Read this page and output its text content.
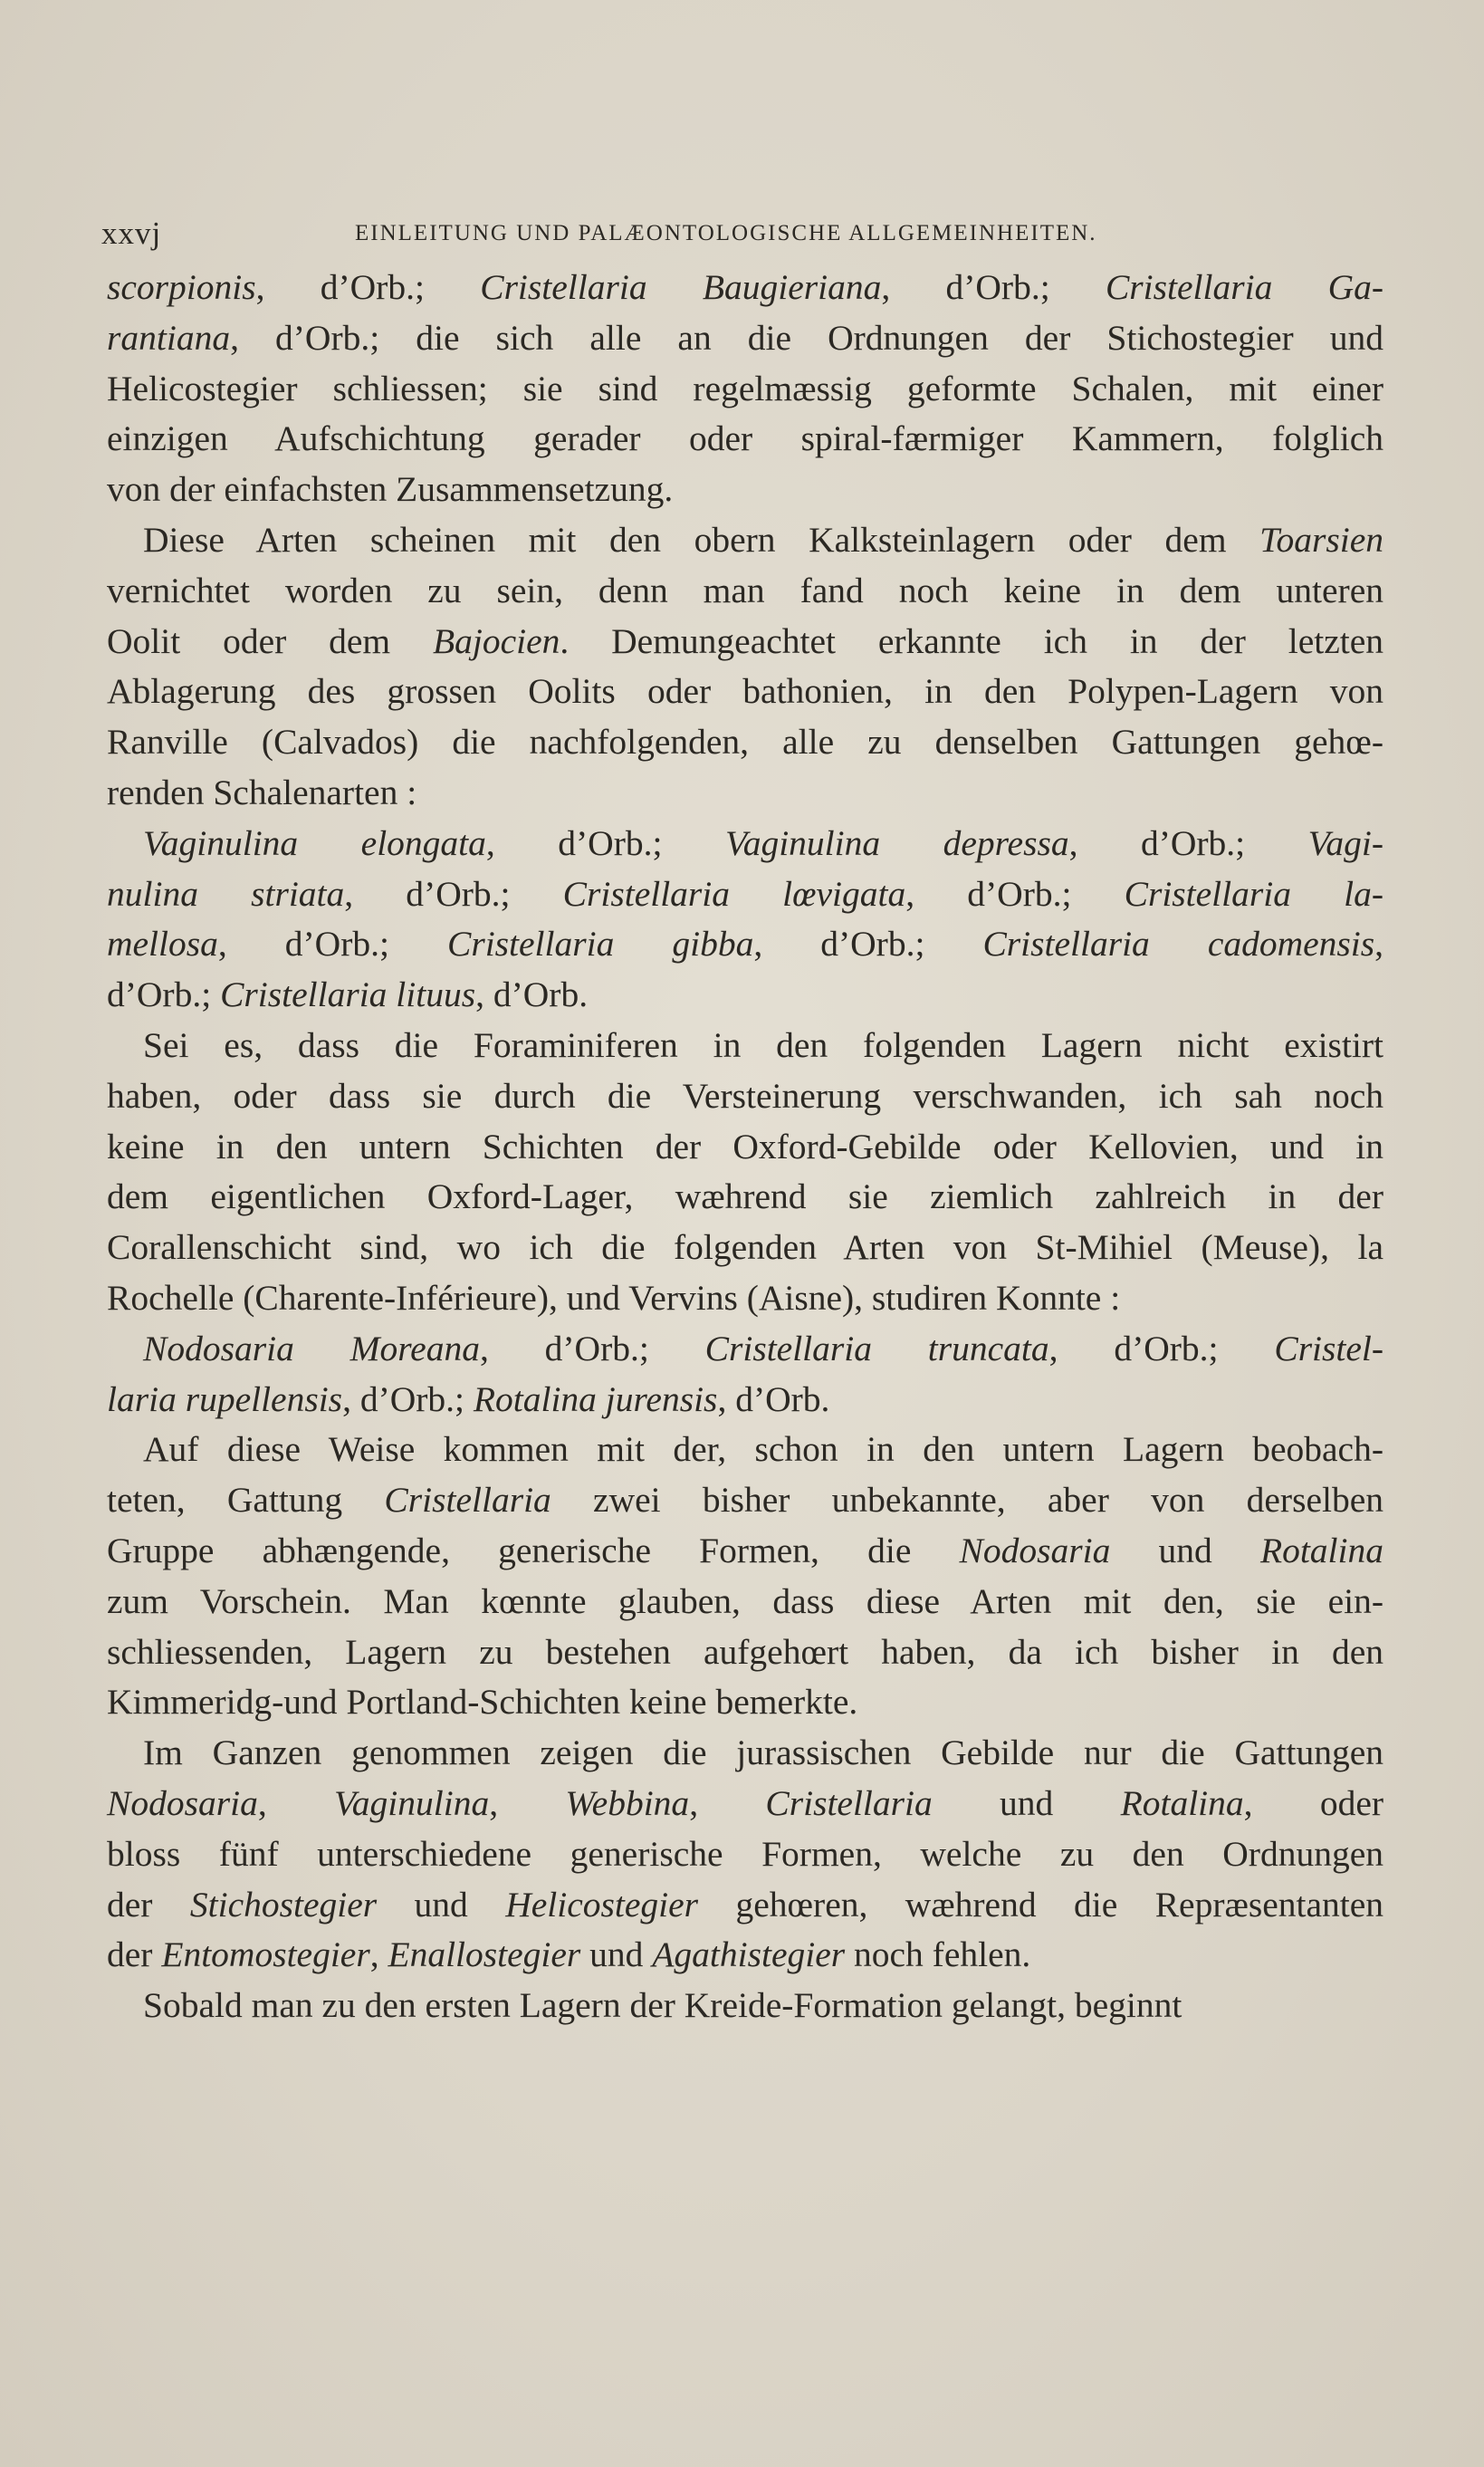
xxvj	EINLEITUNG UND PALÆONTOLOGISCHE ALLGEMEINHEITEN.
scorpionis, d’Orb.; Cristellaria Baugieriana, d’Orb.; Cristellaria Ga-
rantiana, d’Orb.; die sich alle an die Ordnungen der Stichostegier und
Helicostegier schliessen; sie sind regelmæssig geformte Schalen, mit einer
einzigen Aufschichtung gerader oder spiral-færmiger Kammern, folglich
von der einfachsten Zusammensetzung.
Diese Arten scheinen mit den obern Kalksteinlagern oder dem Toarsien
vernichtet worden zu sein, denn man fand noch keine in dem unteren
Oolit oder dem Bajocien. Demungeachtet erkannte ich in der letzten
Ablagerung des grossen Oolits oder bathonien, in den Polypen-Lagern von
Ranville (Calvados) die nachfolgenden, alle zu denselben Gattungen gehœ-
renden Schalenarten :
Vaginulina elongata, d’Orb.; Vaginulina depressa, d’Orb.; Vagi-
nulina striata, d’Orb.; Cristellaria lœvigata, d’Orb.; Cristellaria la-
mellosa, d’Orb.; Cristellaria gibba, d’Orb.; Cristellaria cadomensis,
d’Orb.; Cristellaria lituus, d’Orb.
Sei es, dass die Foraminiferen in den folgenden Lagern nicht existirt
haben, oder dass sie durch die Versteinerung verschwanden, ich sah noch
keine in den untern Schichten der Oxford-Gebilde oder Kellovien, und in
dem eigentlichen Oxford-Lager, wæhrend sie ziemlich zahlreich in der
Corallenschicht sind, wo ich die folgenden Arten von St-Mihiel (Meuse), la
Rochelle (Charente-Inférieure), und Vervins (Aisne), studiren Konnte :
Nodosaria Moreana, d’Orb.; Cristellaria truncata, d’Orb.; Cristel-
laria rupellensis, d’Orb.; Rotalina jurensis, d’Orb.
Auf diese Weise kommen mit der, schon in den untern Lagern beobach-
teten, Gattung Cristellaria zwei bisher unbekannte, aber von derselben
Gruppe abhængende, generische Formen, die Nodosaria und Rotalina
zum Vorschein. Man kœnnte glauben, dass diese Arten mit den, sie ein-
schliessenden, Lagern zu bestehen aufgehœrt haben, da ich bisher in den
Kimmeridg-und Portland-Schichten keine bemerkte.
Im Ganzen genommen zeigen die jurassischen Gebilde nur die Gattungen
Nodosaria, Vaginulina, Webbina, Cristellaria und Rotalina, oder
bloss fünf unterschiedene generische Formen, welche zu den Ordnungen
der Stichostegier und Helicostegier gehœren, wæhrend die Repræsentanten
der Entomostegier, Enallostegier und Agathistegier noch fehlen.
Sobald man zu den ersten Lagern der Kreide-Formation gelangt, beginnt
